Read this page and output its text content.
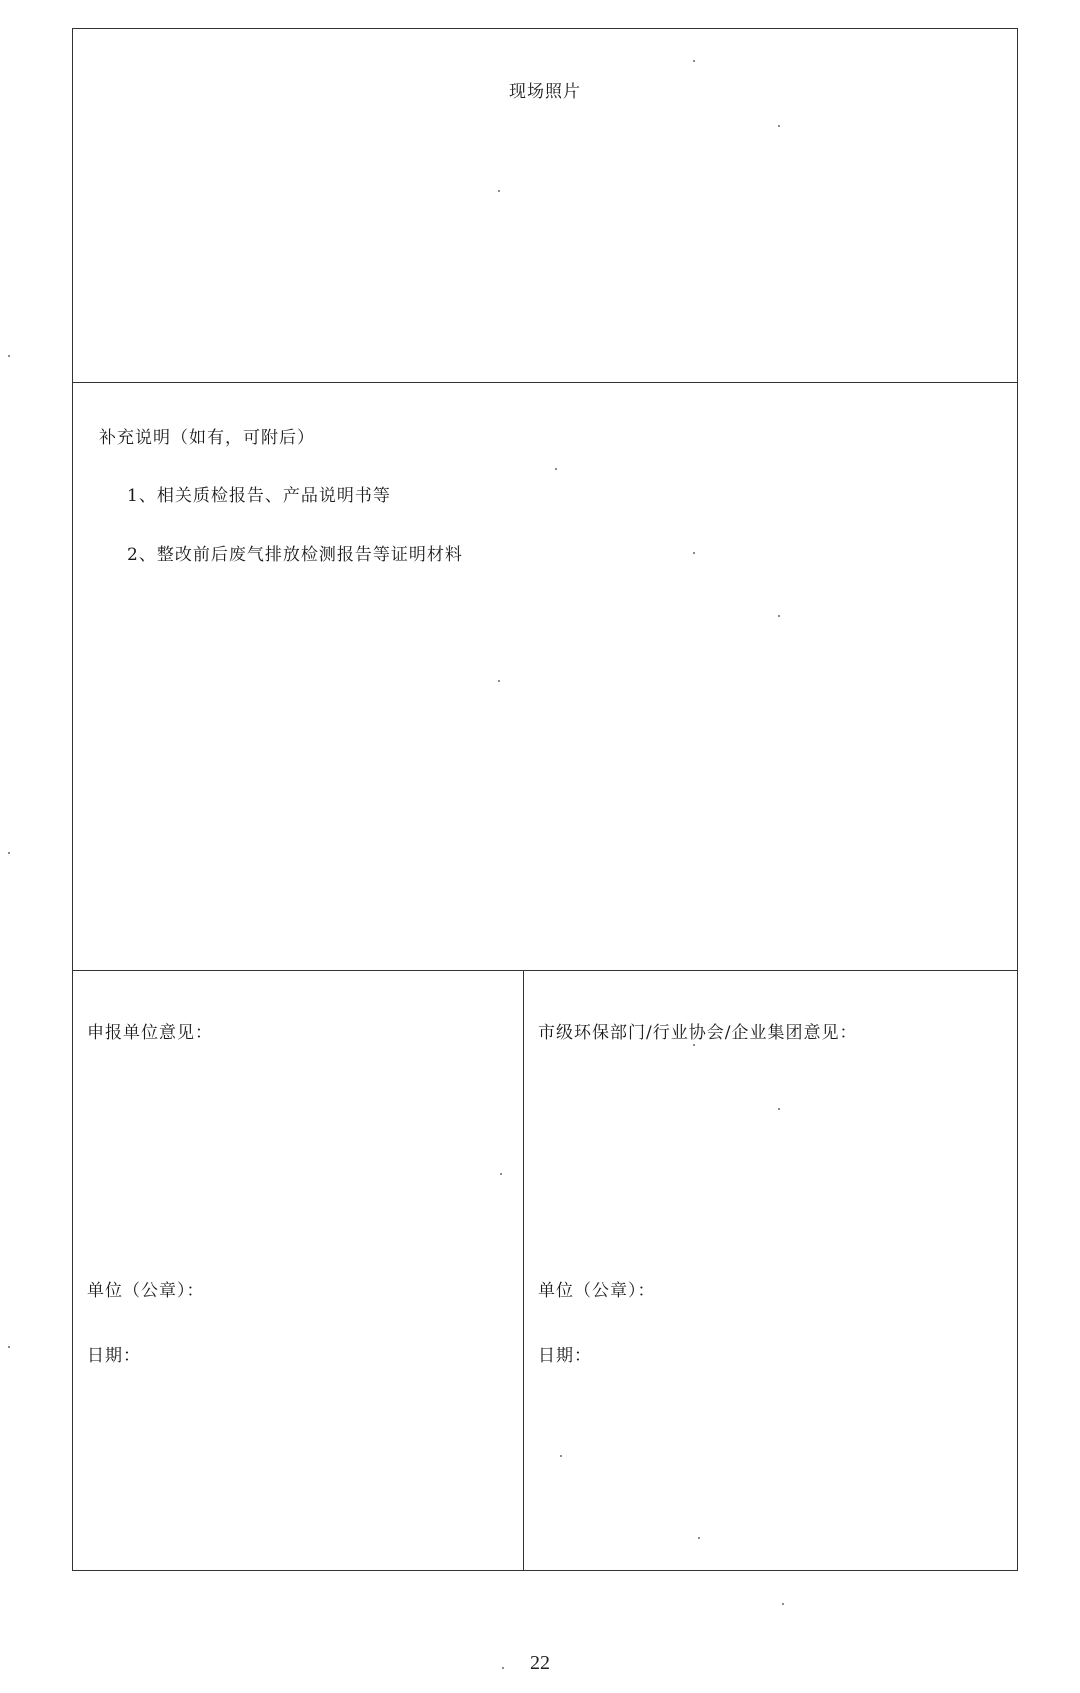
现场照片
补充说明（如有，可附后）
1、相关质检报告、产品说明书等
2、整改前后废气排放检测报告等证明材料
申报单位意见：
单位（公章）：
日期：
市级环保部门/行业协会/企业集团意见：
单位（公章）：
日期：
22
